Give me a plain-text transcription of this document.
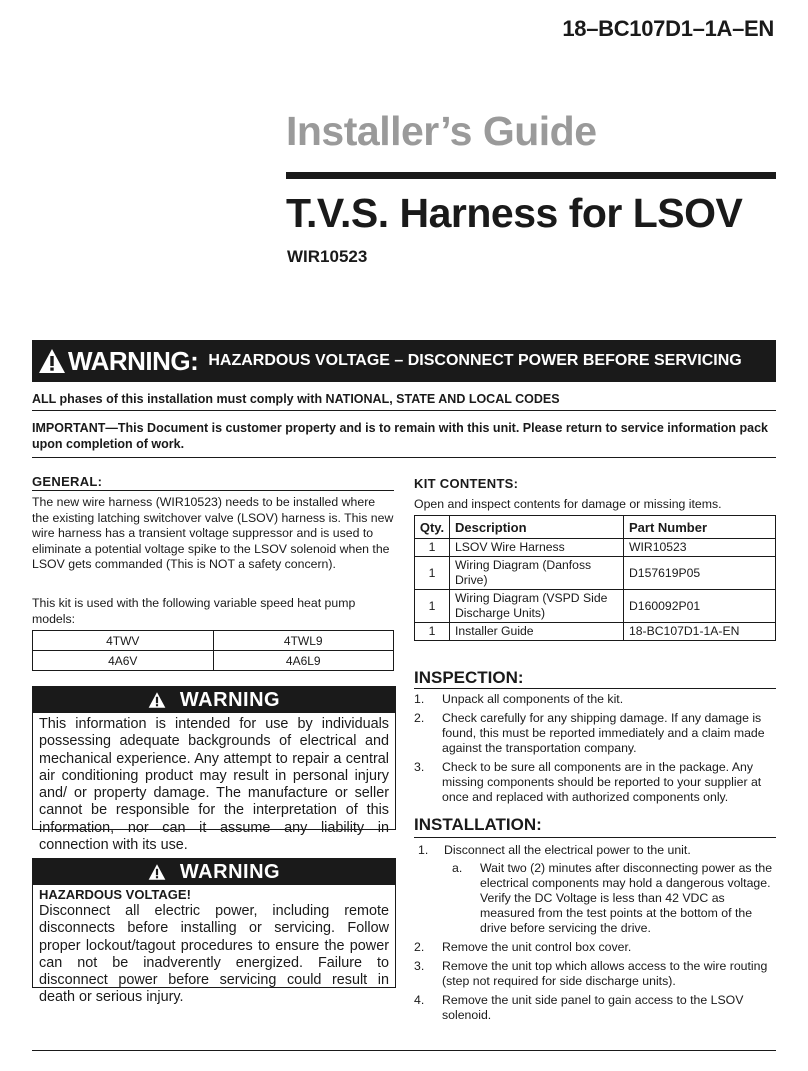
18–BC107D1–1A–EN
Installer’s Guide
T.V.S. Harness for LSOV
WIR10523
WARNING: HAZARDOUS VOLTAGE – DISCONNECT POWER BEFORE SERVICING
ALL phases of this installation must comply with NATIONAL, STATE AND LOCAL CODES
IMPORTANT—This Document is customer property and is to remain with this unit. Please return to service information pack upon completion of work.
GENERAL:
The new wire harness (WIR10523) needs to be installed where the existing latching switchover valve (LSOV) harness is. This new wire harness has a transient voltage suppressor and is used to eliminate a potential voltage spike to the LSOV solenoid when the LSOV gets commanded (This is NOT a safety concern).
This kit is used with the following variable speed heat pump models:
4TWV	4TWL9
4A6V	4A6L9
WARNING
This information is intended for use by individuals possessing adequate backgrounds of electrical and mechanical experience. Any attempt to repair a central air conditioning product may result in personal injury and/ or property damage. The manufacture or seller cannot be responsible for the interpretation of this information, nor can it assume any liability in connection with its use.
WARNING
HAZARDOUS VOLTAGE!
Disconnect all electric power, including remote disconnects before installing or servicing. Follow proper lockout/tagout procedures to ensure the power can not be inadverently energized. Failure to disconnect power before servicing could result in death or serious injury.
KIT CONTENTS:
Open and inspect contents for damage or missing items.
Qty.	Description	Part Number
1	LSOV Wire Harness	WIR10523
1	Wiring Diagram (Danfoss Drive)	D157619P05
1	Wiring Diagram (VSPD Side Discharge Units)	D160092P01
1	Installer Guide	18-BC107D1-1A-EN
INSPECTION:
1.	Unpack all components of the kit.
2.	Check carefully for any shipping damage. If any damage is found, this must be reported immediately and a claim made against the transportation company.
3.	Check to be sure all components are in the package. Any missing components should be reported to your supplier at once and replaced with authorized components only.
INSTALLATION:
1.	Disconnect all the electrical power to the unit.
a.	Wait two (2) minutes after disconnecting power as the electrical components may hold a dangerous voltage. Verify the DC Voltage is less than 42 VDC as measured from the test points at the bottom of the drive before servicing the drive.
2.	Remove the unit control box cover.
3.	Remove the unit top which allows access to the wire routing (step not required for side discharge units).
4.	Remove the unit side panel to gain access to the LSOV solenoid.
